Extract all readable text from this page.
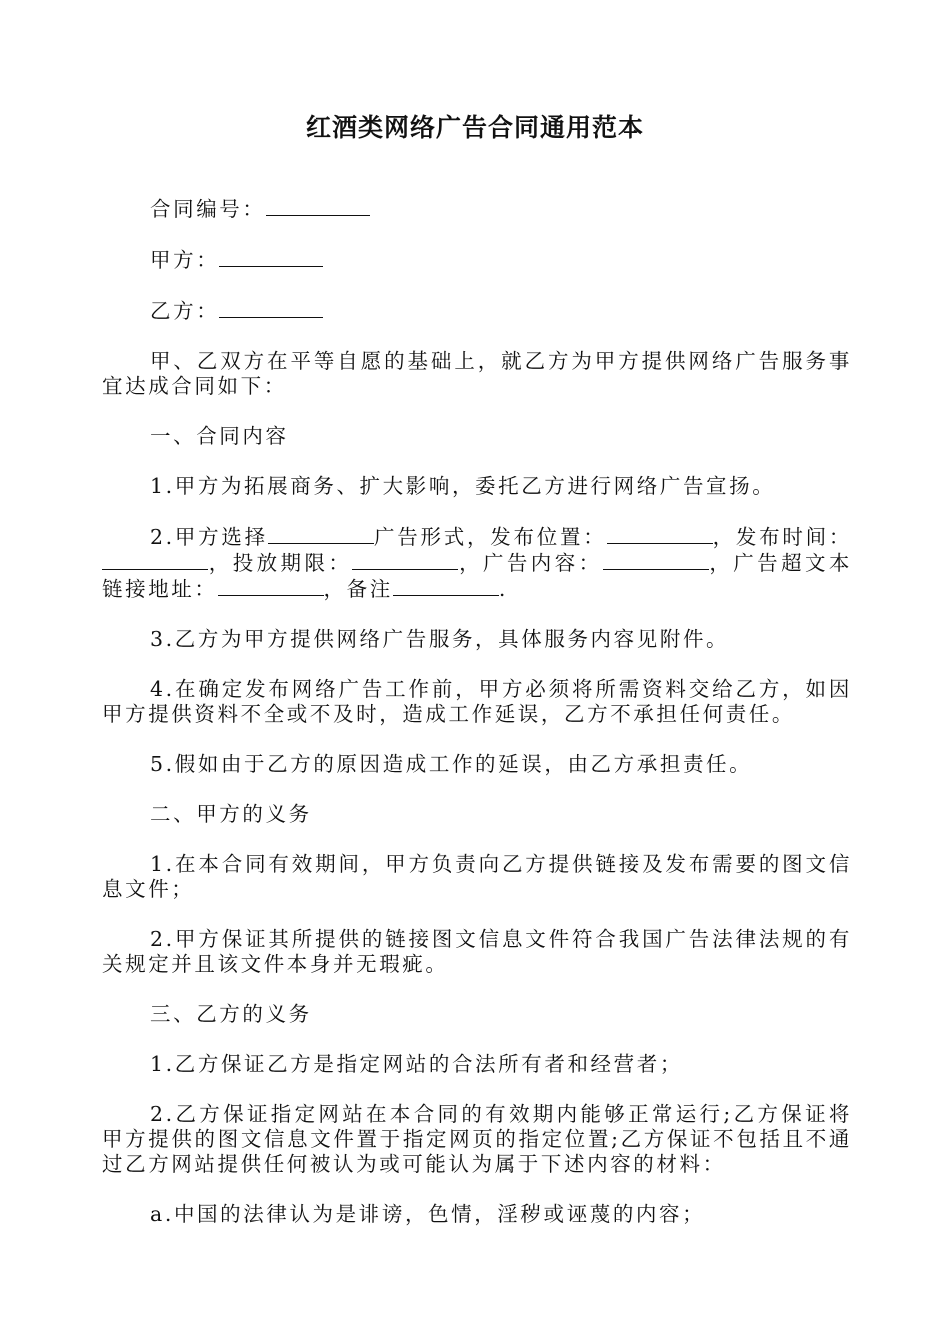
红酒类网络广告合同通用范本

合同编号：

甲方：

乙方：

甲、乙双方在平等自愿的基础上，就乙方为甲方提供网络广告服务事宜达成合同如下：

一、合同内容

1.甲方为拓展商务、扩大影响，委托乙方进行网络广告宣扬。

2.甲方选择	广告形式，发布位置：	，发布时间：，投放期限：	，广告内容：	，广告超文本链接地址：	，备注	.

3.乙方为甲方提供网络广告服务，具体服务内容见附件。

4.在确定发布网络广告工作前，甲方必须将所需资料交给乙方，如因甲方提供资料不全或不及时，造成工作延误，乙方不承担任何责任。

5.假如由于乙方的原因造成工作的延误，由乙方承担责任。

二、甲方的义务

1.在本合同有效期间，甲方负责向乙方提供链接及发布需要的图文信息文件；

2.甲方保证其所提供的链接图文信息文件符合我国广告法律法规的有关规定并且该文件本身并无瑕疵。

三、乙方的义务

1.乙方保证乙方是指定网站的合法所有者和经营者；

2.乙方保证指定网站在本合同的有效期内能够正常运行;乙方保证将甲方提供的图文信息文件置于指定网页的指定位置;乙方保证不包括且不通过乙方网站提供任何被认为或可能认为属于下述内容的材料：

a.中国的法律认为是诽谤，色情，淫秽或诬蔑的内容；
